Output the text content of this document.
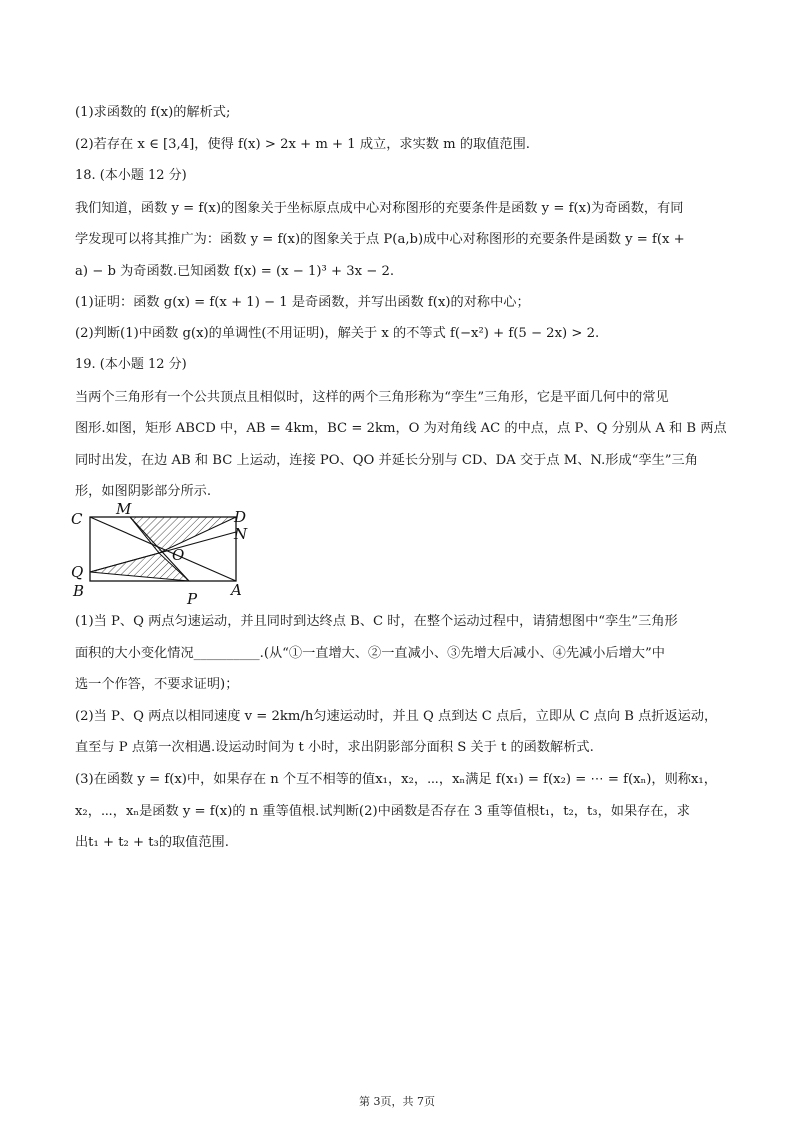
(1)求函数的 f(x)的解析式;
(2)若存在 x ∈ [3,4]，使得 f(x) > 2x + m + 1 成立，求实数 m 的取值范围.
18. (本小题 12 分)
我们知道，函数 y = f(x)的图象关于坐标原点成中心对称图形的充要条件是函数 y = f(x)为奇函数，有同
学发现可以将其推广为：函数 y = f(x)的图象关于点 P(a,b)成中心对称图形的充要条件是函数 y = f(x +
a) − b 为奇函数.已知函数 f(x) = (x − 1)³ + 3x − 2.
(1)证明：函数 g(x) = f(x + 1) − 1 是奇函数，并写出函数 f(x)的对称中心；
(2)判断(1)中函数 g(x)的单调性(不用证明)，解关于 x 的不等式 f(−x²) + f(5 − 2x) > 2.
19. (本小题 12 分)
当两个三角形有一个公共顶点且相似时，这样的两个三角形称为“孪生”三角形，它是平面几何中的常见
图形.如图，矩形 ABCD 中，AB = 4km，BC = 2km，O 为对角线 AC 的中点，点 P、Q 分别从 A 和 B 两点
同时出发，在边 AB 和 BC 上运动，连接 PO、QO 并延长分别与 CD、DA 交于点 M、N.形成“孪生”三角
形，如图阴影部分所示.
C
M	D
N
O
Q
B	P A
(1)当 P、Q 两点匀速运动，并且同时到达终点 B、C 时，在整个运动过程中，请猜想图中“孪生”三角形
面积的大小变化情况__________.(从“①一直增大、②一直减小、③先增大后减小、④先减小后增大”中
选一个作答，不要求证明)；
(2)当 P、Q 两点以相同速度 v = 2km/h匀速运动时，并且 Q 点到达 C 点后，立即从 C 点向 B 点折返运动，
直至与 P 点第一次相遇.设运动时间为 t 小时，求出阴影部分面积 S 关于 t 的函数解析式.
(3)在函数 y = f(x)中，如果存在 n 个互不相等的值x₁，x₂，⋯，xₙ满足 f(x₁) = f(x₂) = ⋯ = f(xₙ)，则称x₁，
x₂，⋯，xₙ是函数 y = f(x)的 n 重等值根.试判断(2)中函数是否存在 3 重等值根t₁，t₂，t₃，如果存在，求
出t₁ + t₂ + t₃的取值范围.
第 3页，共 7页
